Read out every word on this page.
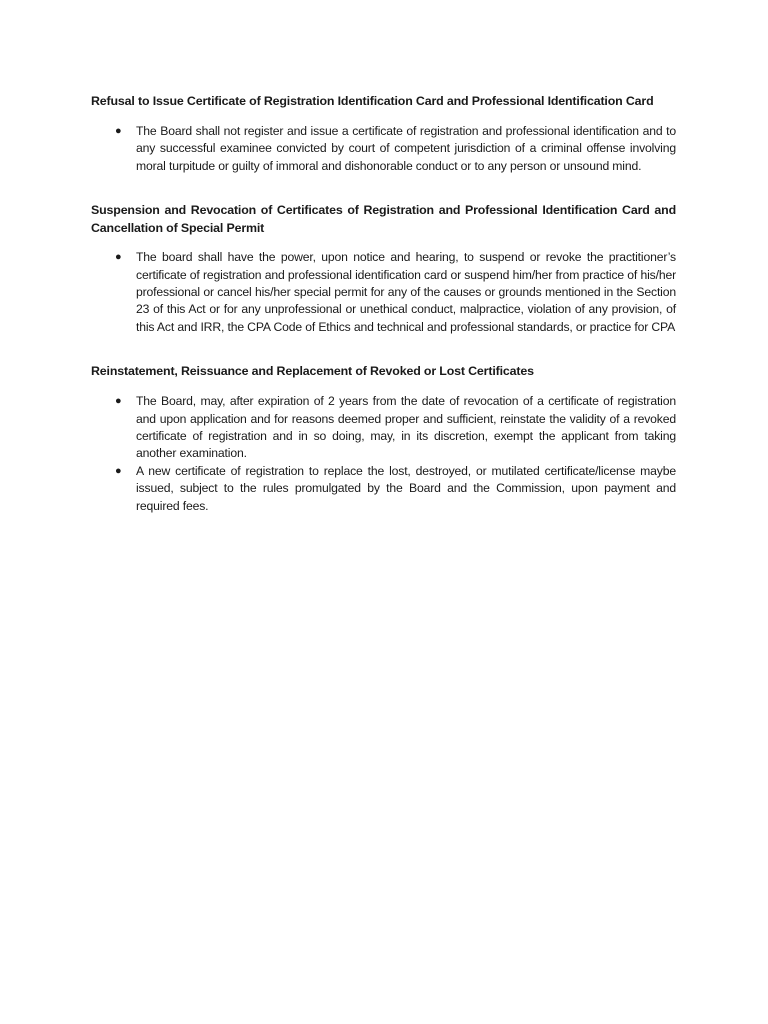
Refusal to Issue Certificate of Registration Identification Card and Professional Identification Card

● The Board shall not register and issue a certificate of registration and professional identification and to any successful examinee convicted by court of competent jurisdiction of a criminal offense involving moral turpitude or guilty of immoral and dishonorable conduct or to any person or unsound mind.

Suspension and Revocation of Certificates of Registration and Professional Identification Card and Cancellation of Special Permit

● The board shall have the power, upon notice and hearing, to suspend or revoke the practitioner’s certificate of registration and professional identification card or suspend him/her from practice of his/her professional or cancel his/her special permit for any of the causes or grounds mentioned in the Section 23 of this Act or for any unprofessional or unethical conduct, malpractice, violation of any provision, of this Act and IRR, the CPA Code of Ethics and technical and professional standards, or practice for CPA

Reinstatement, Reissuance and Replacement of Revoked or Lost Certificates

● The Board, may, after expiration of 2 years from the date of revocation of a certificate of registration and upon application and for reasons deemed proper and sufficient, reinstate the validity of a revoked certificate of registration and in so doing, may, in its discretion, exempt the applicant from taking another examination.
● A new certificate of registration to replace the lost, destroyed, or mutilated certificate/license maybe issued, subject to the rules promulgated by the Board and the Commission, upon payment and required fees.
